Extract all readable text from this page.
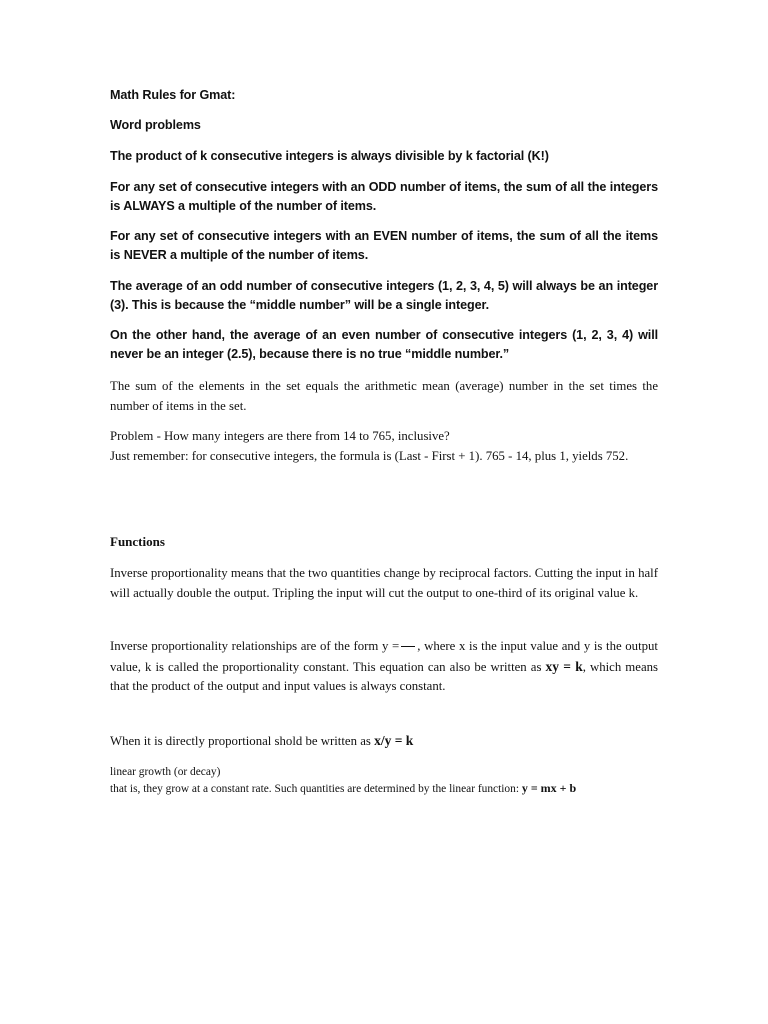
Math Rules for Gmat:

Word problems

The product of k consecutive integers is always divisible by k factorial (K!)

For any set of consecutive integers with an ODD number of items, the sum of all the integers is ALWAYS a multiple of the number of items.

For any set of consecutive integers with an EVEN number of items, the sum of all the items is NEVER a multiple of the number of items.

The average of an odd number of consecutive integers (1, 2, 3, 4, 5) will always be an integer (3). This is because the “middle number” will be a single integer.

On the other hand, the average of an even number of consecutive integers (1, 2, 3, 4) will never be an integer (2.5), because there is no true “middle number.”

The sum of the elements in the set equals the arithmetic mean (average) number in the set times the number of items in the set.

Problem - How many integers are there from 14 to 765, inclusive?

Just remember: for consecutive integers, the formula is (Last - First + 1). 765 - 14, plus 1, yields 752.

Functions

Inverse proportionality means that the two quantities change by reciprocal factors. Cutting the input in half will actually double the output. Tripling the input will cut the output to one-third of its original value k.

Inverse proportionality relationships are of the form y = , where x is the input value and y is the output value, k is called the proportionality constant. This equation can also be written as xy = k, which means that the product of the output and input values is always constant.

When it is directly proportional shold be written as x/y = k

linear growth (or decay)

that is, they grow at a constant rate. Such quantities are determined by the linear function: y = mx + b
